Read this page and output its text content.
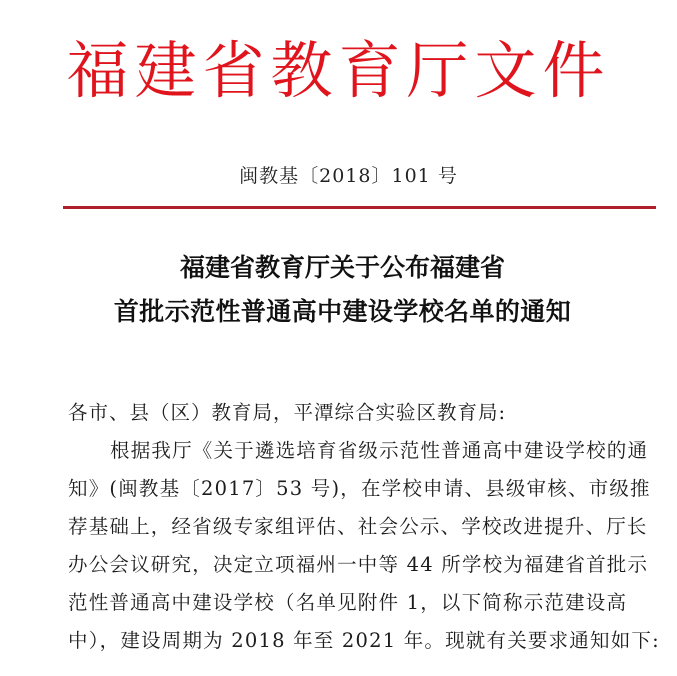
福建省教育厅文件
闽教基〔2018〕101 号
福建省教育厅关于公布福建省
首批示范性普通高中建设学校名单的通知

各市、县（区）教育局，平潭综合实验区教育局:

根据我厅《关于遴选培育省级示范性普通高中建设学校的通
知》(闽教基〔2017〕53 号)，在学校申请、县级审核、市级推
荐基础上，经省级专家组评估、社会公示、学校改进提升、厅长
办公会议研究，决定立项福州一中等 44 所学校为福建省首批示
范性普通高中建设学校（名单见附件 1，以下简称示范建设高
中），建设周期为 2018 年至 2021 年。现就有关要求通知如下:
